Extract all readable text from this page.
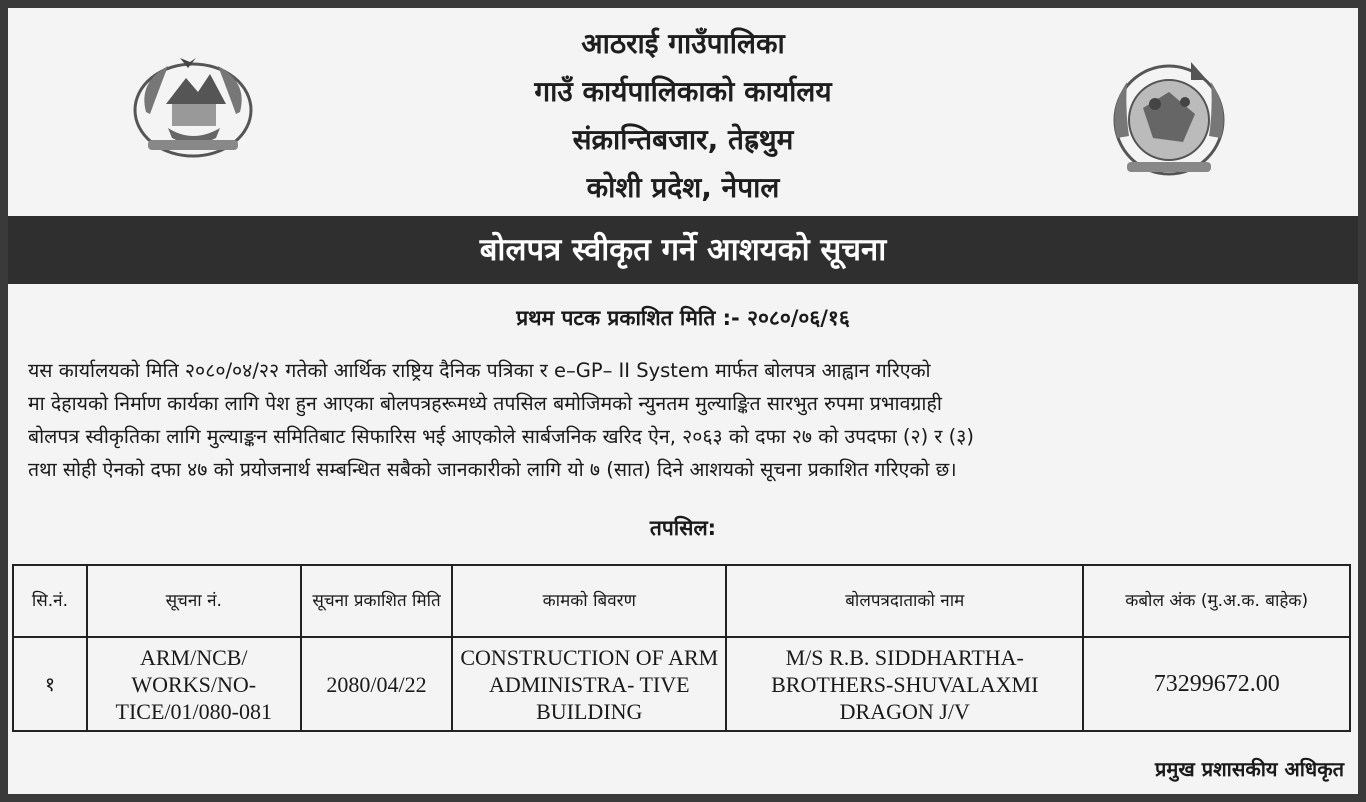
आठराई गाउँपालिका
गाउँ कार्यपालिकाको कार्यालय
संक्रान्तिबजार, तेह्रथुम
कोशी प्रदेश, नेपाल
बोलपत्र स्वीकृत गर्ने आशयको सूचना
प्रथम पटक प्रकाशित मिति :- २०८०/०६/१६
यस कार्यालयको मिति २०८०/०४/२२ गतेको आर्थिक राष्ट्रिय दैनिक पत्रिका र e–GP– II System मार्फत बोलपत्र आह्वान गरिएको
मा देहायको निर्माण कार्यका लागि पेश हुन आएका बोलपत्रहरूमध्ये तपसिल बमोजिमको न्युनतम मुल्याङ्कित सारभुत रुपमा प्रभावग्राही
बोलपत्र स्वीकृतिका लागि मुल्याङ्कन समितिबाट सिफारिस भई आएकोले सार्बजनिक खरिद ऐन, २०६३ को दफा २७ को उपदफा (२) र (३)
तथा सोही ऐनको दफा ४७ को प्रयोजनार्थ सम्बन्धित सबैको जानकारीको लागि यो ७ (सात) दिने आशयको सूचना प्रकाशित गरिएको छ।
तपसिल:
सि.नं.	सूचना नं.	सूचना प्रकाशित मिति	कामको बिवरण	बोलपत्रदाताको नाम	कबोल अंक (मु.अ.क. बाहेक)
१	ARM/NCB/ WORKS/NO- TICE/01/080-081	2080/04/22	CONSTRUCTION OF ARM ADMINISTRA- TIVE BUILDING	M/S R.B. SIDDHARTHA- BROTHERS-SHUVALAXMI DRAGON J/V	73299672.00
प्रमुख प्रशासकीय अधिकृत
